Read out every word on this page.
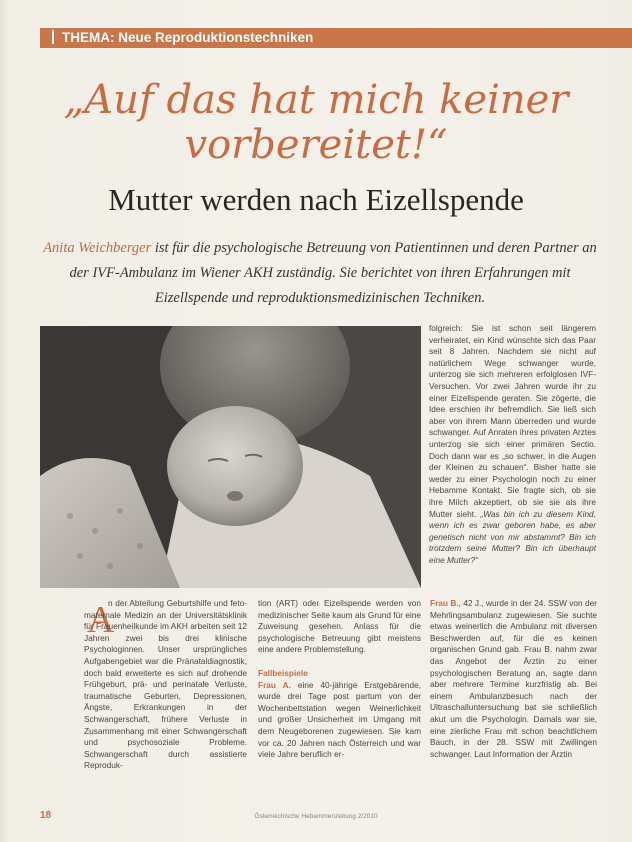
THEMA: Neue Reproduktionstechniken
„Auf das hat mich keiner
vorbereitet!“
Mutter werden nach Eizellspende
Anita Weichberger ist für die psychologische Betreuung von Patientinnen und deren Partner an der IVF-Ambulanz im Wiener AKH zuständig. Sie berichtet von ihren Erfahrungen mit Eizellspende und reproduktionsmedizinischen Techniken.

folgreich: Sie ist schon seit längerem verheiratet, ein Kind wünschte sich das Paar seit 8 Jahren. Nachdem sie nicht auf natürlichem Wege schwanger wurde, unterzog sie sich mehreren erfolglosen IVF-Versuchen. Vor zwei Jahren wurde ihr zu einer Eizellspende geraten. Sie zögerte, die Idee erschien ihr befremdlich. Sie ließ sich aber von ihrem Mann überreden und wurde schwanger. Auf Anraten ihres privaten Arztes unterzog sie sich einer primären Sectio. Doch dann war es „so schwer, in die Augen der Kleinen zu schauen“. Bisher hatte sie weder zu einer Psychologin noch zu einer Hebamme Kontakt. Sie fragte sich, ob sie ihre Milch akzeptiert, ob sie sie als ihre Mutter sieht. „Was bin ich zu diesem Kind, wenn ich es zwar geboren habe, es aber genetisch nicht von mir abstammt? Bin ich trotzdem seine Mutter? Bin ich überhaupt eine Mutter?“

A

n der Abteilung Geburtshilfe und feto-maternale Medizin an der Universitätsklinik für Frauenheilkunde im AKH arbeiten seit 12 Jahren zwei bis drei klinische Psychologinnen. Unser ursprüngliches Aufgabengebiet war die Pränataldiagnostik, doch bald erweiterte es sich auf drohende Frühgeburt, prä- und perinatale Verluste, traumatische Geburten, Depressionen, Ängste, Erkrankungen in der Schwangerschaft, frühere Verluste in Zusammenhang mit einer Schwangerschaft und psychosoziale Probleme. Schwangerschaft durch assistierte Reproduk-

tion (ART) oder Eizellspende werden von medizinischer Seite kaum als Grund für eine Zuweisung gesehen. Anlass für die psychologische Betreuung gibt meistens eine andere Problemstellung.

Fallbeispiele

Frau A. eine 40-jährige Erstgebärende, wurde drei Tage post partum von der Wochenbettstation wegen Weinerlichkeit und großer Unsicherheit im Umgang mit dem Neugeborenen zugewiesen. Sie kam vor ca. 20 Jahren nach Österreich und war viele Jahre beruflich er-

Frau B., 42 J., wurde in der 24. SSW von der Mehrlingsambulanz zugewiesen. Sie suchte etwas weinerlich die Ambulanz mit diversen Beschwerden auf, für die es keinen organischen Grund gab. Frau B. nahm zwar das Angebot der Ärztin zu einer psychologischen Beratung an, sagte dann aber mehrere Termine kurzfristig ab. Bei einem Ambulanzbesuch nach der Ultraschalluntersuchung bat sie schließlich akut um die Psychologin. Damals war sie, eine zierliche Frau mit schon beachtlichem Bauch, in der 28. SSW mit Zwillingen schwanger. Laut Information der Ärztin

18	Österreichische Hebammenzeitung 2/2010
